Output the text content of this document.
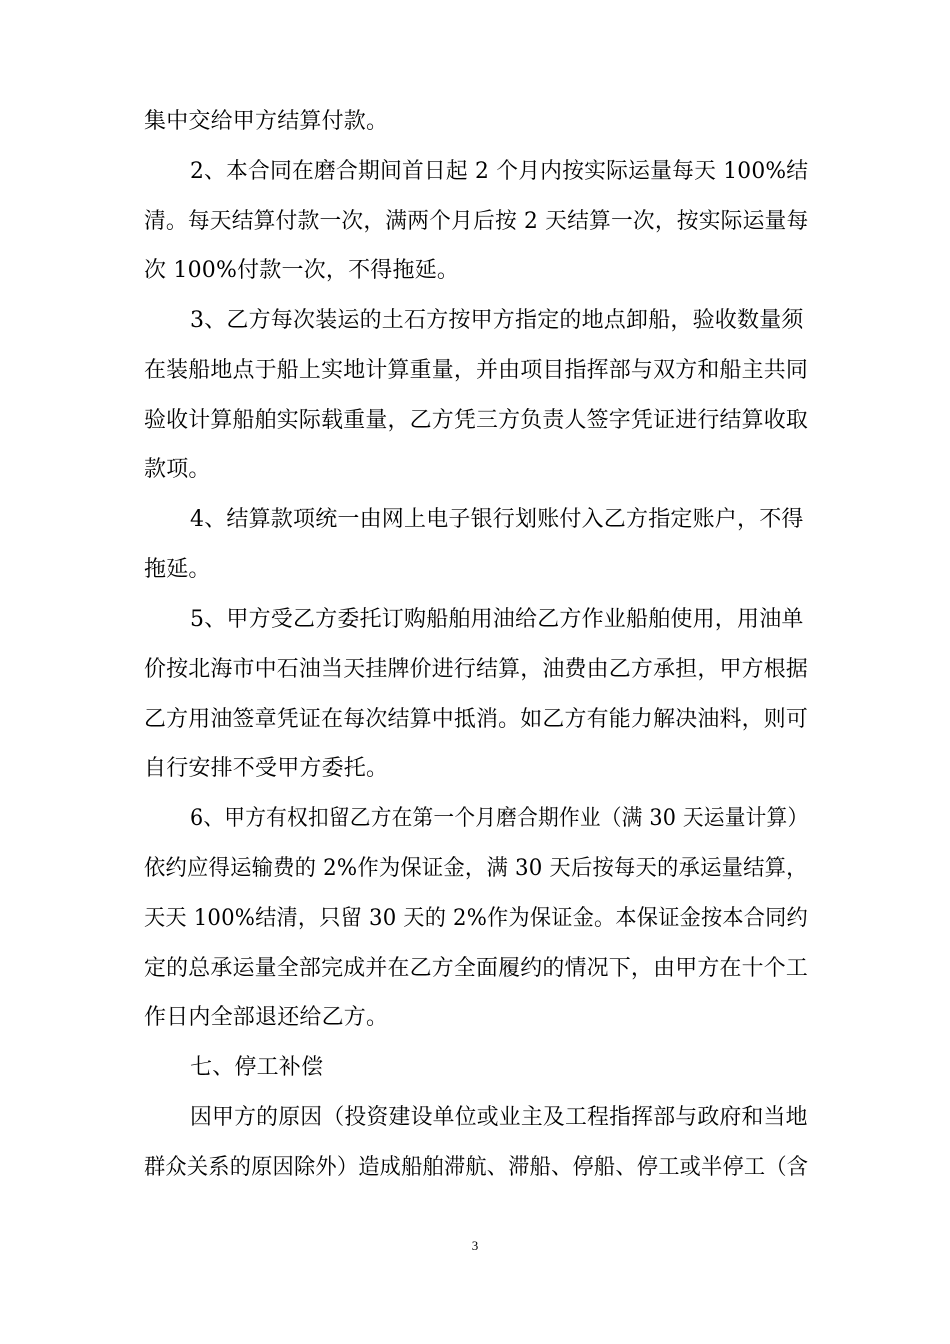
集中交给甲方结算付款。
2、本合同在磨合期间首日起 2 个月内按实际运量每天 100%结
清。每天结算付款一次，满两个月后按 2 天结算一次，按实际运量每
次 100%付款一次，不得拖延。
3、乙方每次装运的土石方按甲方指定的地点卸船，验收数量须
在装船地点于船上实地计算重量，并由项目指挥部与双方和船主共同
验收计算船舶实际载重量，乙方凭三方负责人签字凭证进行结算收取
款项。
4、结算款项统一由网上电子银行划账付入乙方指定账户，不得
拖延。
5、甲方受乙方委托订购船舶用油给乙方作业船舶使用，用油单
价按北海市中石油当天挂牌价进行结算，油费由乙方承担，甲方根据
乙方用油签章凭证在每次结算中抵消。如乙方有能力解决油料，则可
自行安排不受甲方委托。
6、甲方有权扣留乙方在第一个月磨合期作业（满 30 天运量计算）
依约应得运输费的 2%作为保证金，满 30 天后按每天的承运量结算，
天天 100%结清，只留 30 天的 2%作为保证金。本保证金按本合同约
定的总承运量全部完成并在乙方全面履约的情况下，由甲方在十个工
作日内全部退还给乙方。
七、停工补偿
因甲方的原因（投资建设单位或业主及工程指挥部与政府和当地
群众关系的原因除外）造成船舶滞航、滞船、停船、停工或半停工（含
3
